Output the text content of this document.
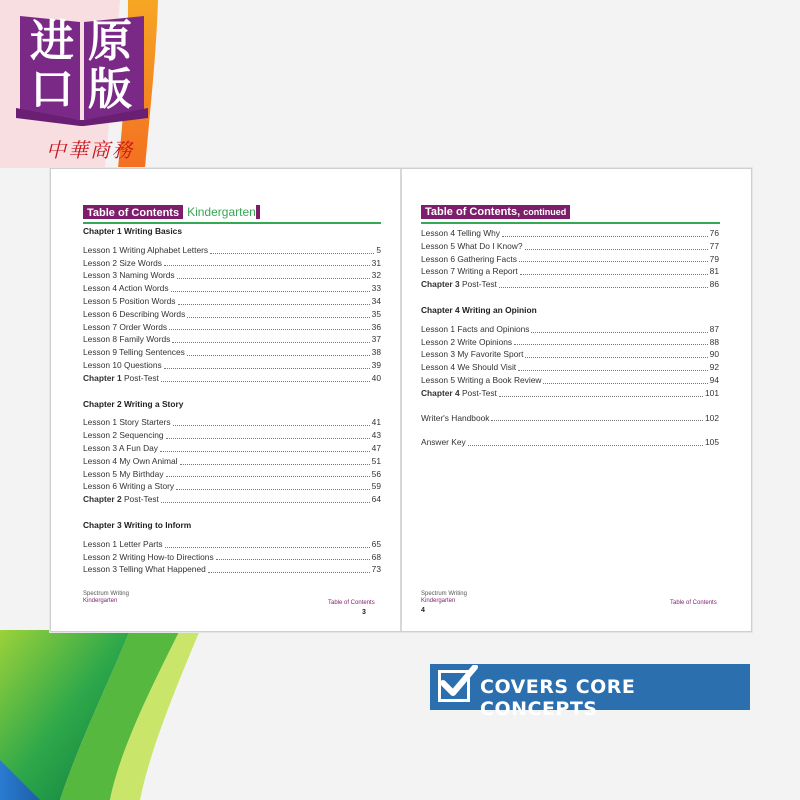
进 原
口 版
中華商務
Table of Contents Kindergarten
Chapter 1 Writing Basics
Lesson 1 Writing Alphabet Letters	5
Lesson 2 Size Words	31
Lesson 3 Naming Words	32
Lesson 4 Action Words	33
Lesson 5 Position Words	34
Lesson 6 Describing Words	35
Lesson 7 Order Words	36
Lesson 8 Family Words	37
Lesson 9 Telling Sentences	38
Lesson 10 Questions	39
Chapter 1 Post-Test	40
Chapter 2 Writing a Story
Lesson 1 Story Starters	41
Lesson 2 Sequencing	43
Lesson 3 A Fun Day	47
Lesson 4 My Own Animal	51
Lesson 5 My Birthday	56
Lesson 6 Writing a Story	59
Chapter 2 Post-Test	64
Chapter 3 Writing to Inform
Lesson 1 Letter Parts	65
Lesson 2 Writing How-to Directions	68
Lesson 3 Telling What Happened	73
Spectrum Writing
Kindergarten	Table of Contents
3
Table of Contents, continued
Lesson 4 Telling Why	76
Lesson 5 What Do I Know?	77
Lesson 6 Gathering Facts	79
Lesson 7 Writing a Report	81
Chapter 3 Post-Test	86
Chapter 4 Writing an Opinion
Lesson 1 Facts and Opinions	87
Lesson 2 Write Opinions	88
Lesson 3 My Favorite Sport	90
Lesson 4 We Should Visit	92
Lesson 5 Writing a Book Review	94
Chapter 4 Post-Test	101
Writer's Handbook	102
Answer Key	105
Spectrum Writing
Kindergarten
4
Table of Contents
COVERS CORE CONCEPTS
